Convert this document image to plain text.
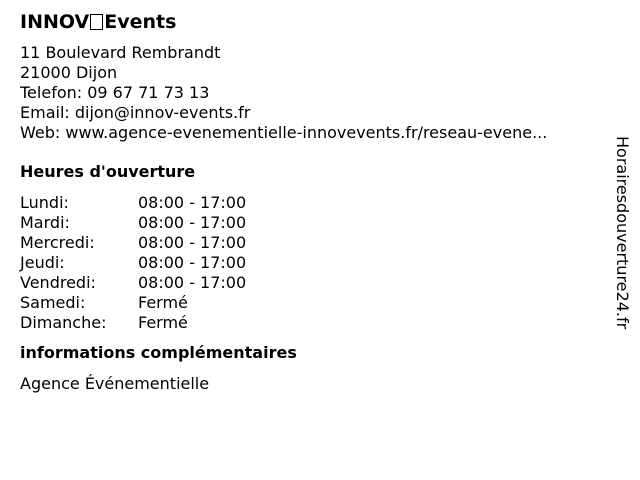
INNOV Events
11 Boulevard Rembrandt
21000 Dijon
Telefon: 09 67 71 73 13
Email: dijon@innov-events.fr
Web: www.agence-evenementielle-innovevents.fr/reseau-evene...
Heures d'ouverture
Lundi:	08:00 - 17:00
Mardi:	08:00 - 17:00
Mercredi:	08:00 - 17:00
Jeudi:	08:00 - 17:00
Vendredi:	08:00 - 17:00
Samedi:	Fermé
Dimanche: Fermé
informations complémentaires
Agence Événementielle
Horairesdouverture24.fr
